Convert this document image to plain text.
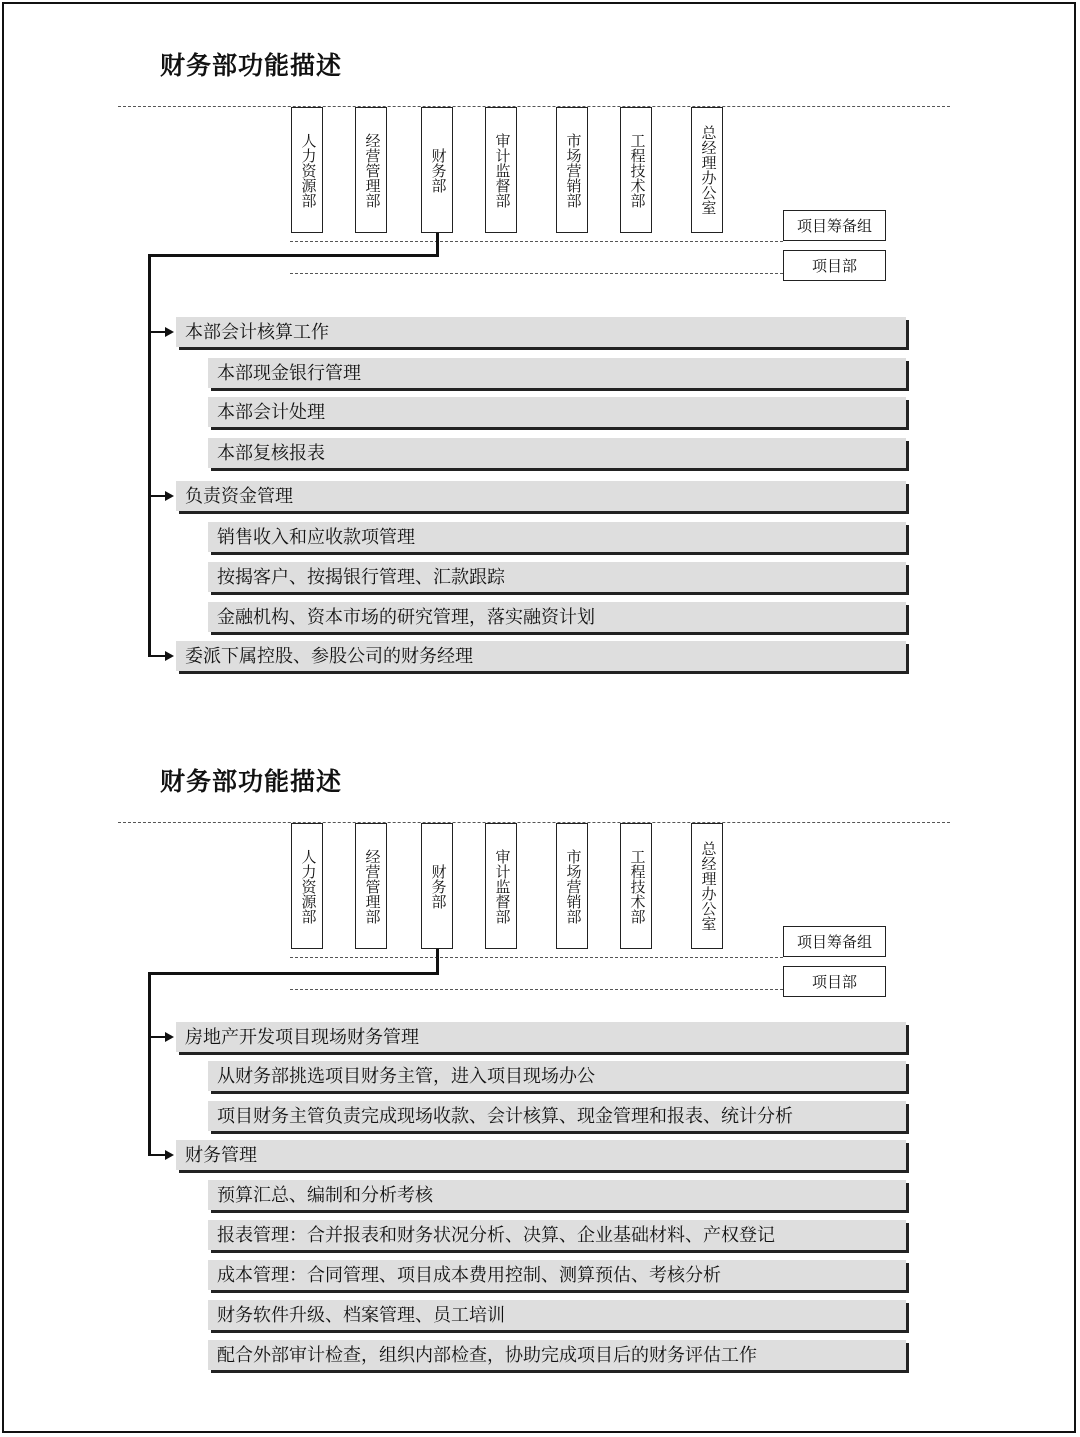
财务部功能描述
人力资源部	经营管理部	财务部	审计监督部	市场营销部	工程技术部	总经理办公室
项目筹备组
项目部
本部会计核算工作
本部现金银行管理
本部会计处理
本部复核报表
负责资金管理
销售收入和应收款项管理
按揭客户、按揭银行管理、汇款跟踪
金融机构、资本市场的研究管理，落实融资计划
委派下属控股、参股公司的财务经理
财务部功能描述
人力资源部	经营管理部	财务部	审计监督部	市场营销部	工程技术部	总经理办公室
项目筹备组
项目部
房地产开发项目现场财务管理
从财务部挑选项目财务主管，进入项目现场办公
项目财务主管负责完成现场收款、会计核算、现金管理和报表、统计分析
财务管理
预算汇总、编制和分析考核
报表管理：合并报表和财务状况分析、决算、企业基础材料、产权登记
成本管理：合同管理、项目成本费用控制、测算预估、考核分析
财务软件升级、档案管理、员工培训
配合外部审计检查，组织内部检查，协助完成项目后的财务评估工作
